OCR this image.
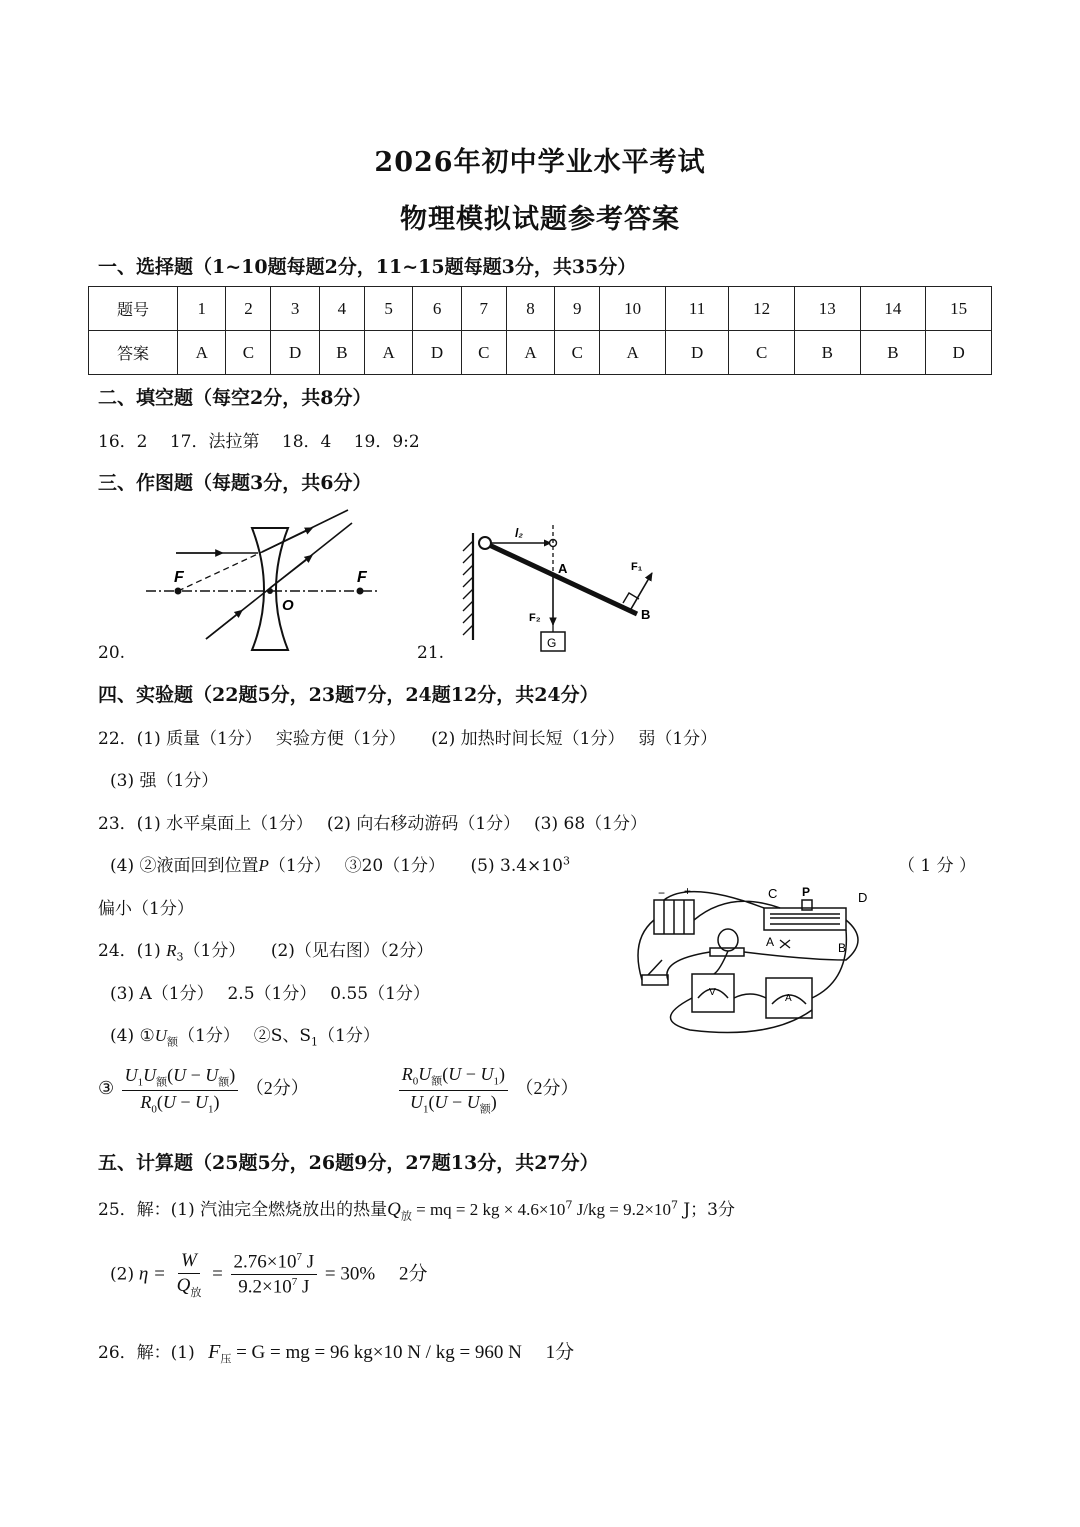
2026年初中学业水平考试
物理模拟试题参考答案
一、选择题（1~10题每题2分，11~15题每题3分，共35分）
题号	1	2	3	4	5	6	7	8	9	10	11	12	13	14	15
答案	A	C	D	B	A	D	C	A	C	A	D	C	B	B	D
二、填空题（每空2分，共8分）
16．2　 17．法拉第　 18．4　 19．9:2
三、作图题（每题3分，共6分）
20.
F	F
O
21.
l₂
A	F₁
B
F₂
G
四、实验题（22题5分，23题7分，24题12分，共24分）
22．(1) 质量（1分）　 实验方便（1分）　　(2) 加热时间长短（1分）　 弱（1分）
(3) 强（1分）
23．(1) 水平桌面上（1分）　 (2) 向右移动游码（1分）　 (3) 68（1分）
(4) ②液面回到位置P（1分）　 ③20（1分）　　(5) $3.4\times 10^3$	（ 1 分 ）
偏小（1分）
24．(1) $R_3(1$分）　　(2)（见右图）（2分）
(3) A（1分）　 2.5（1分）　 0.55（1分）
(4) $①U_额(1$分）　 ②S、$S_1(1$分）
③ $\frac{U_1U_额(U - U_额)}{R_0(U - U_1)} (2$分）	$\frac{R_0U_额(U - U_1)}{U_1(U - U_额)} (2$分）
− +	C P	D
A	B
V
A
五、计算题（25题5分，26题9分，27题13分，共27分）
25．解：(1) 汽油完全燃烧放出的热量$Q_放$ = mq = 2 kg × $4.6\times 10^7$ $J/kg = 9.2\times 10^7$ J；3分
(2) $\eta = \frac{W}{Q_放} = \frac{2.76\times 10^7 J}{9.2\times 10^7 J} = 30\%$　 2分
26．解：(1) $F_压 = G$ = mg = 96 kg×10 N / kg = 960 N　 1分
